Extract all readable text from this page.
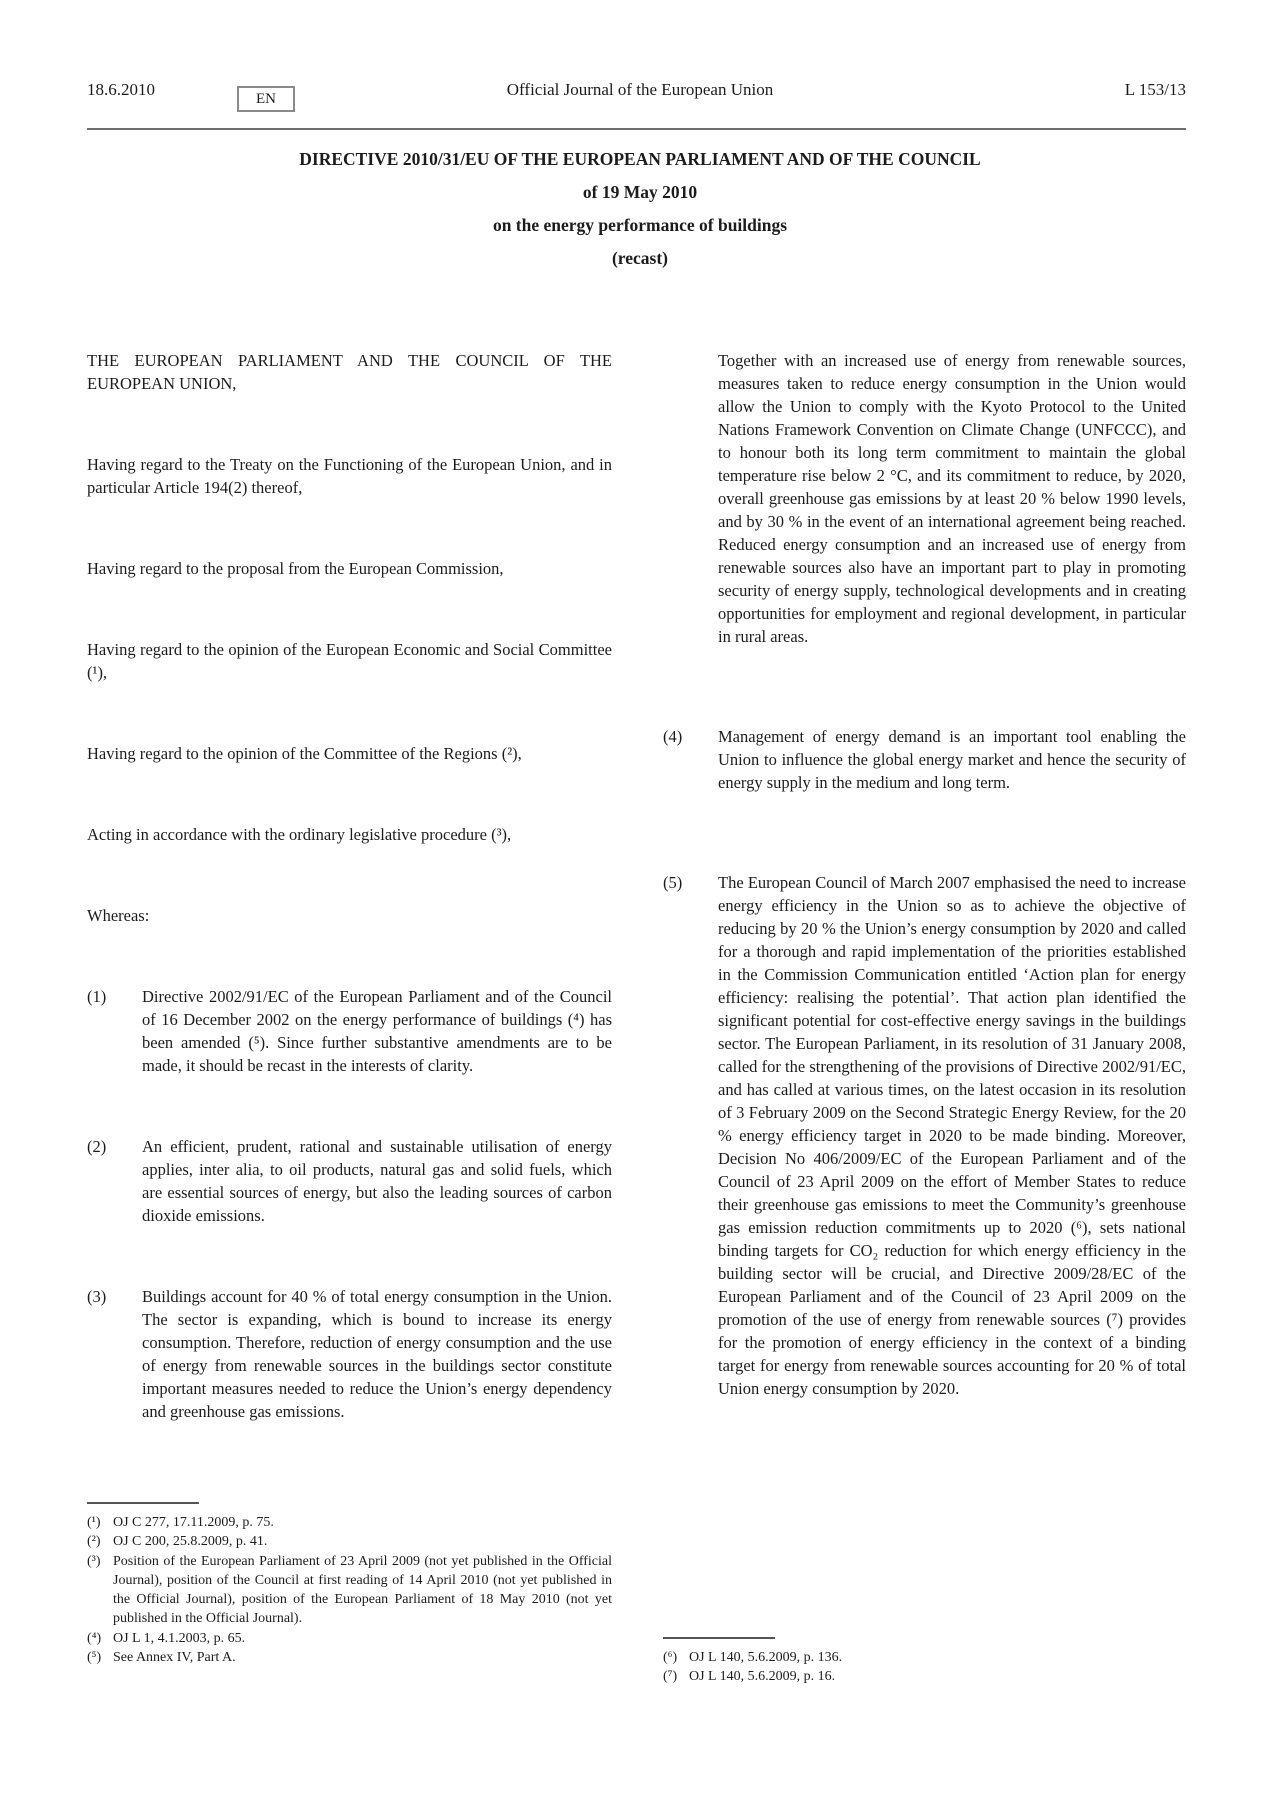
18.6.2010	EN	Official Journal of the European Union	L 153/13

DIRECTIVE 2010/31/EU OF THE EUROPEAN PARLIAMENT AND OF THE COUNCIL

of 19 May 2010

on the energy performance of buildings

(recast)

THE EUROPEAN PARLIAMENT AND THE COUNCIL OF THE EUROPEAN UNION,

Having regard to the Treaty on the Functioning of the European Union, and in particular Article 194(2) thereof,

Having regard to the proposal from the European Commission,

Having regard to the opinion of the European Economic and Social Committee (¹),

Having regard to the opinion of the Committee of the Regions (²),

Acting in accordance with the ordinary legislative procedure (³),

Whereas:

(1)	Directive 2002/91/EC of the European Parliament and of the Council of 16 December 2002 on the energy performance of buildings (⁴) has been amended (⁵). Since further substantive amendments are to be made, it should be recast in the interests of clarity.
(2)	An efficient, prudent, rational and sustainable utilisation of energy applies, inter alia, to oil products, natural gas and solid fuels, which are essential sources of energy, but also the leading sources of carbon dioxide emissions.
(3)	Buildings account for 40 % of total energy consumption in the Union. The sector is expanding, which is bound to increase its energy consumption. Therefore, reduction of energy consumption and the use of energy from renewable sources in the buildings sector constitute important measures needed to reduce the Union’s energy dependency and greenhouse gas emissions.

Together with an increased use of energy from renewable sources, measures taken to reduce energy consumption in the Union would allow the Union to comply with the Kyoto Protocol to the United Nations Framework Convention on Climate Change (UNFCCC), and to honour both its long term commitment to maintain the global temperature rise below 2 °C, and its commitment to reduce, by 2020, overall greenhouse gas emissions by at least 20 % below 1990 levels, and by 30 % in the event of an international agreement being reached. Reduced energy consumption and an increased use of energy from renewable sources also have an important part to play in promoting security of energy supply, technological developments and in creating opportunities for employment and regional development, in particular in rural areas.

(4)	Management of energy demand is an important tool enabling the Union to influence the global energy market and hence the security of energy supply in the medium and long term.
(5)	The European Council of March 2007 emphasised the need to increase energy efficiency in the Union so as to achieve the objective of reducing by 20 % the Union’s energy consumption by 2020 and called for a thorough and rapid implementation of the priorities established in the Commission Communication entitled ‘Action plan for energy efficiency: realising the potential’. That action plan identified the significant potential for cost-effective energy savings in the buildings sector. The European Parliament, in its resolution of 31 January 2008, called for the strengthening of the provisions of Directive 2002/91/EC, and has called at various times, on the latest occasion in its resolution of 3 February 2009 on the Second Strategic Energy Review, for the 20 % energy efficiency target in 2020 to be made binding. Moreover, Decision No 406/2009/EC of the European Parliament and of the Council of 23 April 2009 on the effort of Member States to reduce their greenhouse gas emissions to meet the Community’s greenhouse gas emission reduction commitments up to 2020 (⁶), sets national binding targets for CO₂ reduction for which energy efficiency in the building sector will be crucial, and Directive 2009/28/EC of the European Parliament and of the Council of 23 April 2009 on the promotion of the use of energy from renewable sources (⁷) provides for the promotion of energy efficiency in the context of a binding target for energy from renewable sources accounting for 20 % of total Union energy consumption by 2020.
(¹) OJ C 277, 17.11.2009, p. 75.
(²) OJ C 200, 25.8.2009, p. 41.
(³) Position of the European Parliament of 23 April 2009 (not yet published in the Official Journal), position of the Council at first reading of 14 April 2010 (not yet published in the Official Journal), position of the European Parliament of 18 May 2010 (not yet published in the Official Journal).
(⁴) OJ L 1, 4.1.2003, p. 65.
(⁵) See Annex IV, Part A.	(⁶) OJ L 140, 5.6.2009, p. 136.
(⁷) OJ L 140, 5.6.2009, p. 16.
